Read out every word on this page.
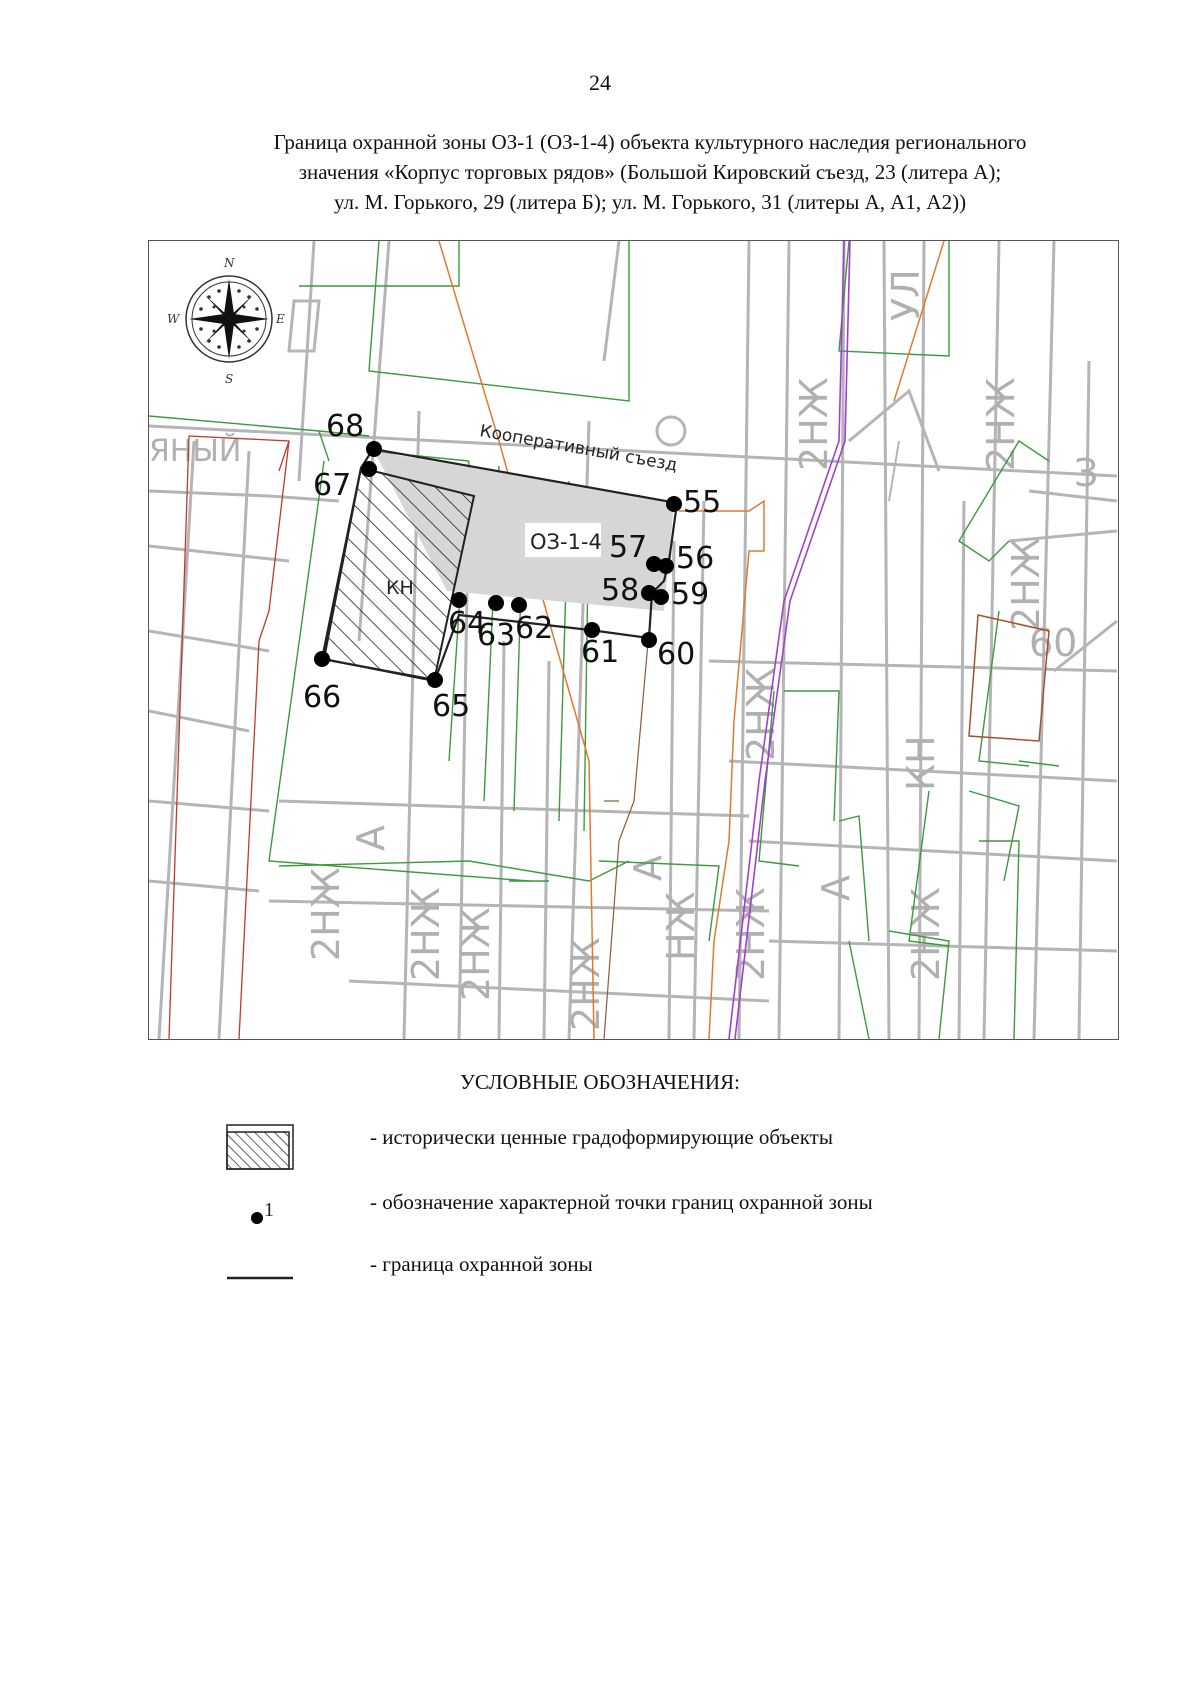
24
Граница охранной зоны ОЗ-1 (ОЗ-1-4) объекта культурного наследия регионального
значения «Корпус торговых рядов» (Большой Кировский съезд, 23 (литера А);
ул. М. Горького, 29 (литера Б); ул. М. Горького, 31 (литеры А, А1, А2))
2НЖ	2НЖ
2НЖ
2НЖ
2НЖ	2НЖ
2НЖ 2НЖ 2НЖ
2НЖ	НЖ
КН
А
А
А
УЛ
З
ЯНЫЙ
60
Кооперативный съезд
ОЗ-1-4
КН
55
56
57
58 59
60
61
62
63
64
65
66
67
68
N
S
W	E
УСЛОВНЫЕ ОБОЗНАЧЕНИЯ:
- исторически ценные градоформирующие объекты
1	- обозначение характерной точки границ охранной зоны
- граница охранной зоны
